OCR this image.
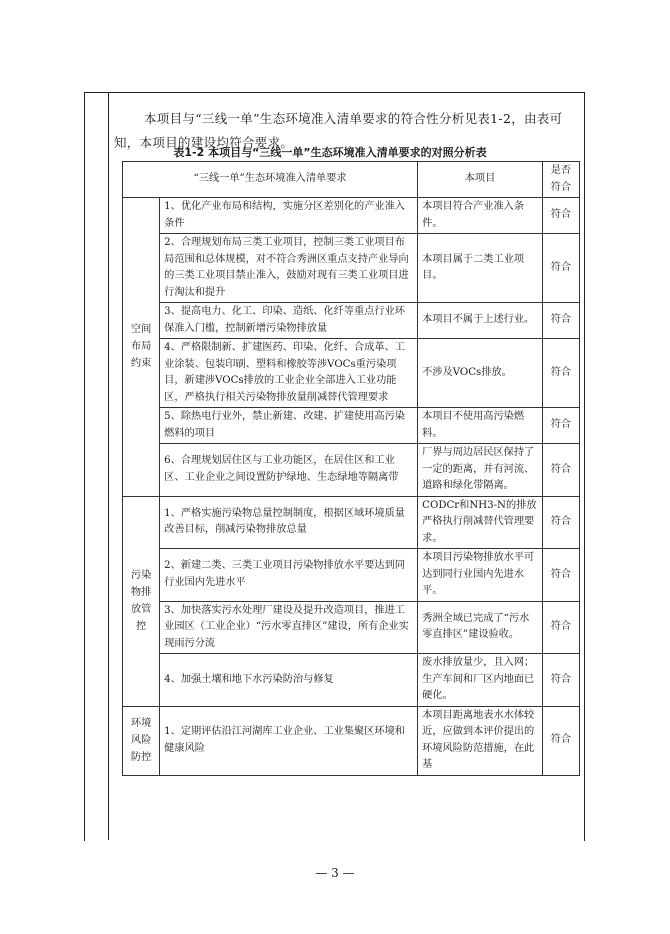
本项目与“三线一单”生态环境准入清单要求的符合性分析见表1-2，由表可知，本项目的建设均符合要求。

表1-2 本项目与“三线一单”生态环境准入清单要求的对照分析表
“三线一单”生态环境准入清单要求		本项目	是否符合

空间布局约束	1、优化产业布局和结构，实施分区差别化的产业准入条件	本项目符合产业准入条件。	符合
	2、合理规划布局三类工业项目，控制三类工业项目布局范围和总体规模，对不符合秀洲区重点支持产业导向的三类工业项目禁止准入，鼓励对现有三类工业项目进行淘汰和提升	本项目属于二类工业项目。	符合
	3、提高电力、化工、印染、造纸、化纤等重点行业环保准入门槛，控制新增污染物排放量	本项目不属于上述行业。	符合
	4、严格限制新、扩建医药、印染、化纤、合成革、工业涂装、包装印刷、塑料和橡胶等涉VOCs重污染项目，新建涉VOCs排放的工业企业全部进入工业功能区，严格执行相关污染物排放量削减替代管理要求	不涉及VOCs排放。	符合
	5、除热电行业外，禁止新建、改建、扩建使用高污染燃料的项目	本项目不使用高污染燃料。	符合
	6、合理规划居住区与工业功能区，在居住区和工业区、工业企业之间设置防护绿地、生态绿地等隔离带	厂界与周边居民区保持了一定的距离，并有河流、道路和绿化带隔离。	符合

污染物排放管控	1、严格实施污染物总量控制制度，根据区域环境质量改善目标，削减污染物排放总量	CODCr和NH3-N的排放严格执行削减替代管理要求。	符合
	2、新建二类、三类工业项目污染物排放水平要达到同行业国内先进水平	本项目污染物排放水平可达到同行业国内先进水平。	符合
	3、加快落实污水处理厂建设及提升改造项目，推进工业园区（工业企业）“污水零直排区”建设，所有企业实现雨污分流	秀洲全域已完成了“污水零直排区”建设验收。	符合
	4、加强土壤和地下水污染防治与修复	废水排放量少，且入网；生产车间和厂区内地面已硬化。	符合

环境风险防控	1、定期评估沿江河湖库工业企业、工业集聚区环境和健康风险	本项目距离地表水水体较近，应做到本评价提出的环境风险防范措施，在此基	符合
— 3 —
